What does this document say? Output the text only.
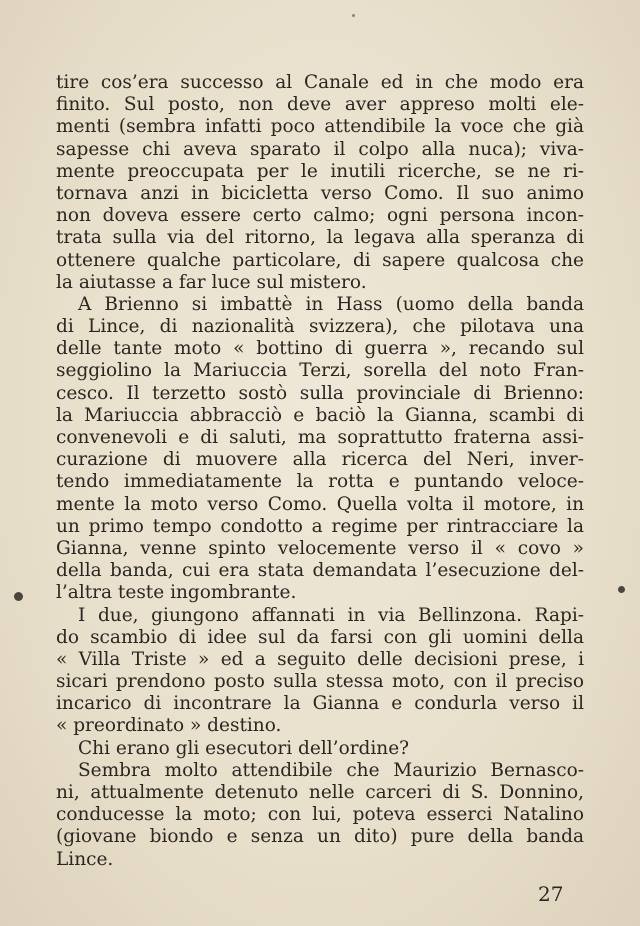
tire cos’era successo al Canale ed in che modo era
finito. Sul posto, non deve aver appreso molti ele-
menti (sembra infatti poco attendibile la voce che già
sapesse chi aveva sparato il colpo alla nuca); viva-
mente preoccupata per le inutili ricerche, se ne ri-
tornava anzi in bicicletta verso Como. Il suo animo
non doveva essere certo calmo; ogni persona incon-
trata sulla via del ritorno, la legava alla speranza di
ottenere qualche particolare, di sapere qualcosa che
la aiutasse a far luce sul mistero.
A Brienno si imbattè in Hass (uomo della banda
di Lince, di nazionalità svizzera), che pilotava una
delle tante moto « bottino di guerra », recando sul
seggiolino la Mariuccia Terzi, sorella del noto Fran-
cesco. Il terzetto sostò sulla provinciale di Brienno:
la Mariuccia abbracciò e baciò la Gianna, scambi di
convenevoli e di saluti, ma soprattutto fraterna assi-
curazione di muovere alla ricerca del Neri, inver-
tendo immediatamente la rotta e puntando veloce-
mente la moto verso Como. Quella volta il motore, in
un primo tempo condotto a regime per rintracciare la
Gianna, venne spinto velocemente verso il « covo »
della banda, cui era stata demandata l’esecuzione del-
l’altra teste ingombrante.
I due, giungono affannati in via Bellinzona. Rapi-
do scambio di idee sul da farsi con gli uomini della
« Villa Triste » ed a seguito delle decisioni prese, i
sicari prendono posto sulla stessa moto, con il preciso
incarico di incontrare la Gianna e condurla verso il
« preordinato » destino.
Chi erano gli esecutori dell’ordine?
Sembra molto attendibile che Maurizio Bernasco-
ni, attualmente detenuto nelle carceri di S. Donnino,
conducesse la moto; con lui, poteva esserci Natalino
(giovane biondo e senza un dito) pure della banda
Lince.
27
